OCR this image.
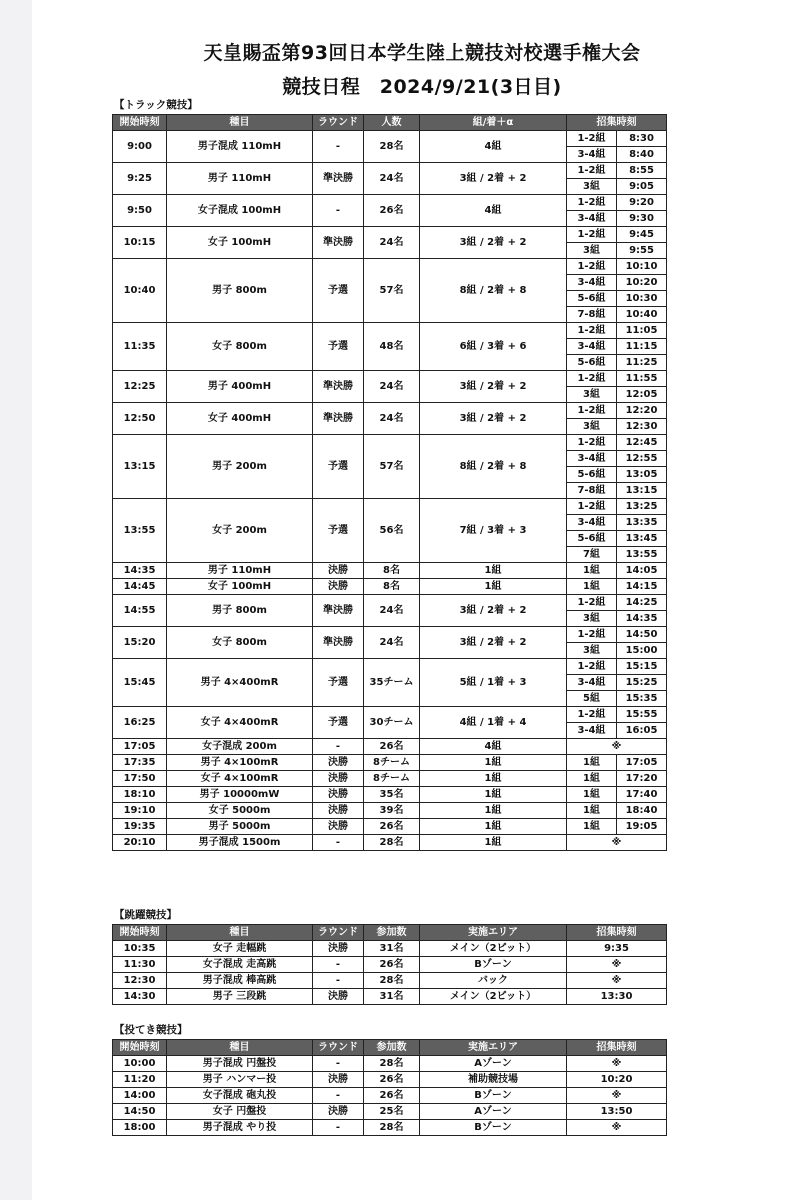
天皇賜盃第93回日本学生陸上競技対校選手権大会
競技日程　2024/9/21(3日目)
【トラック競技】
開始時刻	種目	ラウンド	人数	組/着＋α	招集時刻	
9:00	男子混成 110mH	-	28名	4組	1-2組	8:30
					3-4組	8:40
9:25	男子 110mH	準決勝	24名	3組 / 2着 + 2	1-2組	8:55
					3組	9:05
9:50	女子混成 100mH	-	26名	4組	1-2組	9:20
					3-4組	9:30
10:15	女子 100mH	準決勝	24名	3組 / 2着 + 2	1-2組	9:45
					3組	9:55
10:40	男子 800m	予選	57名	8組 / 2着 + 8	1-2組	10:10
					3-4組	10:20
					5-6組	10:30
					7-8組	10:40
11:35	女子 800m	予選	48名	6組 / 3着 + 6	1-2組	11:05
					3-4組	11:15
					5-6組	11:25
12:25	男子 400mH	準決勝	24名	3組 / 2着 + 2	1-2組	11:55
					3組	12:05
12:50	女子 400mH	準決勝	24名	3組 / 2着 + 2	1-2組	12:20
					3組	12:30
13:15	男子 200m	予選	57名	8組 / 2着 + 8	1-2組	12:45
					3-4組	12:55
					5-6組	13:05
					7-8組	13:15
13:55	女子 200m	予選	56名	7組 / 3着 + 3	1-2組	13:25
					3-4組	13:35
					5-6組	13:45
					7組	13:55
14:35	男子 110mH	決勝	8名	1組	1組	14:05
14:45	女子 100mH	決勝	8名	1組	1組	14:15
14:55	男子 800m	準決勝	24名	3組 / 2着 + 2	1-2組	14:25
					3組	14:35
15:20	女子 800m	準決勝	24名	3組 / 2着 + 2	1-2組	14:50
					3組	15:00
15:45	男子 4×400mR	予選	35チーム	5組 / 1着 + 3	1-2組	15:15
					3-4組	15:25
					5組	15:35
16:25	女子 4×400mR	予選	30チーム	4組 / 1着 + 4	1-2組	15:55
					3-4組	16:05
17:05	女子混成 200m	-	26名	4組	※	
17:35	男子 4×100mR	決勝	8チーム	1組	1組	17:05
17:50	女子 4×100mR	決勝	8チーム	1組	1組	17:20
18:10	男子 10000mW	決勝	35名	1組	1組	17:40
19:10	女子 5000m	決勝	39名	1組	1組	18:40
19:35	男子 5000m	決勝	26名	1組	1組	19:05
20:10	男子混成 1500m	-	28名	1組	※	
【跳躍競技】
開始時刻	種目	ラウンド	参加数	実施エリア	招集時刻
10:35	女子 走幅跳	決勝	31名	メイン（2ピット）	9:35
11:30	女子混成 走高跳	-	26名	Bゾーン	※
12:30	男子混成 棒高跳	-	28名	バック	※
14:30	男子 三段跳	決勝	31名	メイン（2ピット）	13:30
【投てき競技】
開始時刻	種目	ラウンド	参加数	実施エリア	招集時刻
10:00	男子混成 円盤投	-	28名	Aゾーン	※
11:20	男子 ハンマー投	決勝	26名	補助競技場	10:20
14:00	女子混成 砲丸投	-	26名	Bゾーン	※
14:50	女子 円盤投	決勝	25名	Aゾーン	13:50
18:00	男子混成 やり投	-	28名	Bゾーン	※
